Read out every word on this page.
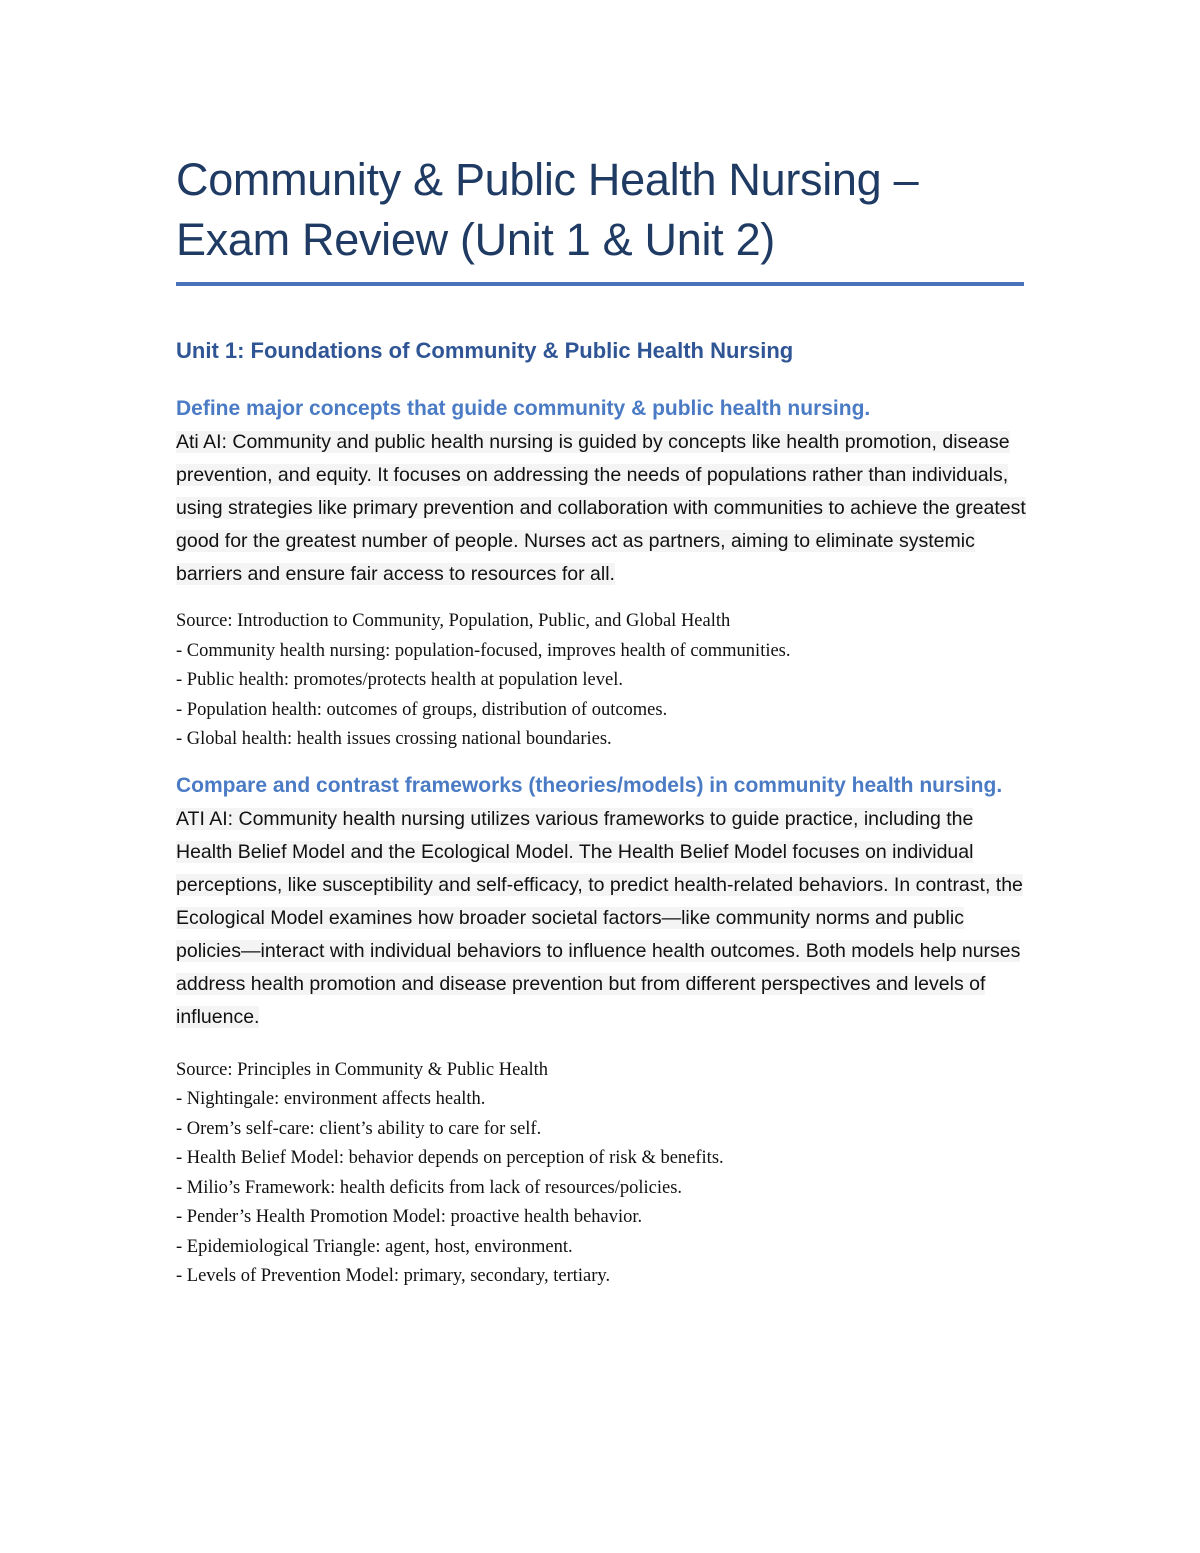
Community & Public Health Nursing –
Exam Review (Unit 1 & Unit 2)
Unit 1: Foundations of Community & Public Health Nursing
Define major concepts that guide community & public health nursing.

Ati AI: Community and public health nursing is guided by concepts like health promotion, disease prevention, and equity. It focuses on addressing the needs of populations rather than individuals, using strategies like primary prevention and collaboration with communities to achieve the greatest good for the greatest number of people. Nurses act as partners, aiming to eliminate systemic barriers and ensure fair access to resources for all.

Source: Introduction to Community, Population, Public, and Global Health
- Community health nursing: population-focused, improves health of communities.
- Public health: promotes/protects health at population level.
- Population health: outcomes of groups, distribution of outcomes.
- Global health: health issues crossing national boundaries.
Compare and contrast frameworks (theories/models) in community health nursing.

ATI AI: Community health nursing utilizes various frameworks to guide practice, including the Health Belief Model and the Ecological Model. The Health Belief Model focuses on individual perceptions, like susceptibility and self-efficacy, to predict health-related behaviors. In contrast, the Ecological Model examines how broader societal factors—like community norms and public policies—interact with individual behaviors to influence health outcomes. Both models help nurses address health promotion and disease prevention but from different perspectives and levels of influence.

Source: Principles in Community & Public Health
- Nightingale: environment affects health.
- Orem’s self-care: client’s ability to care for self.
- Health Belief Model: behavior depends on perception of risk & benefits.
- Milio’s Framework: health deficits from lack of resources/policies.
- Pender’s Health Promotion Model: proactive health behavior.
- Epidemiological Triangle: agent, host, environment.
- Levels of Prevention Model: primary, secondary, tertiary.
